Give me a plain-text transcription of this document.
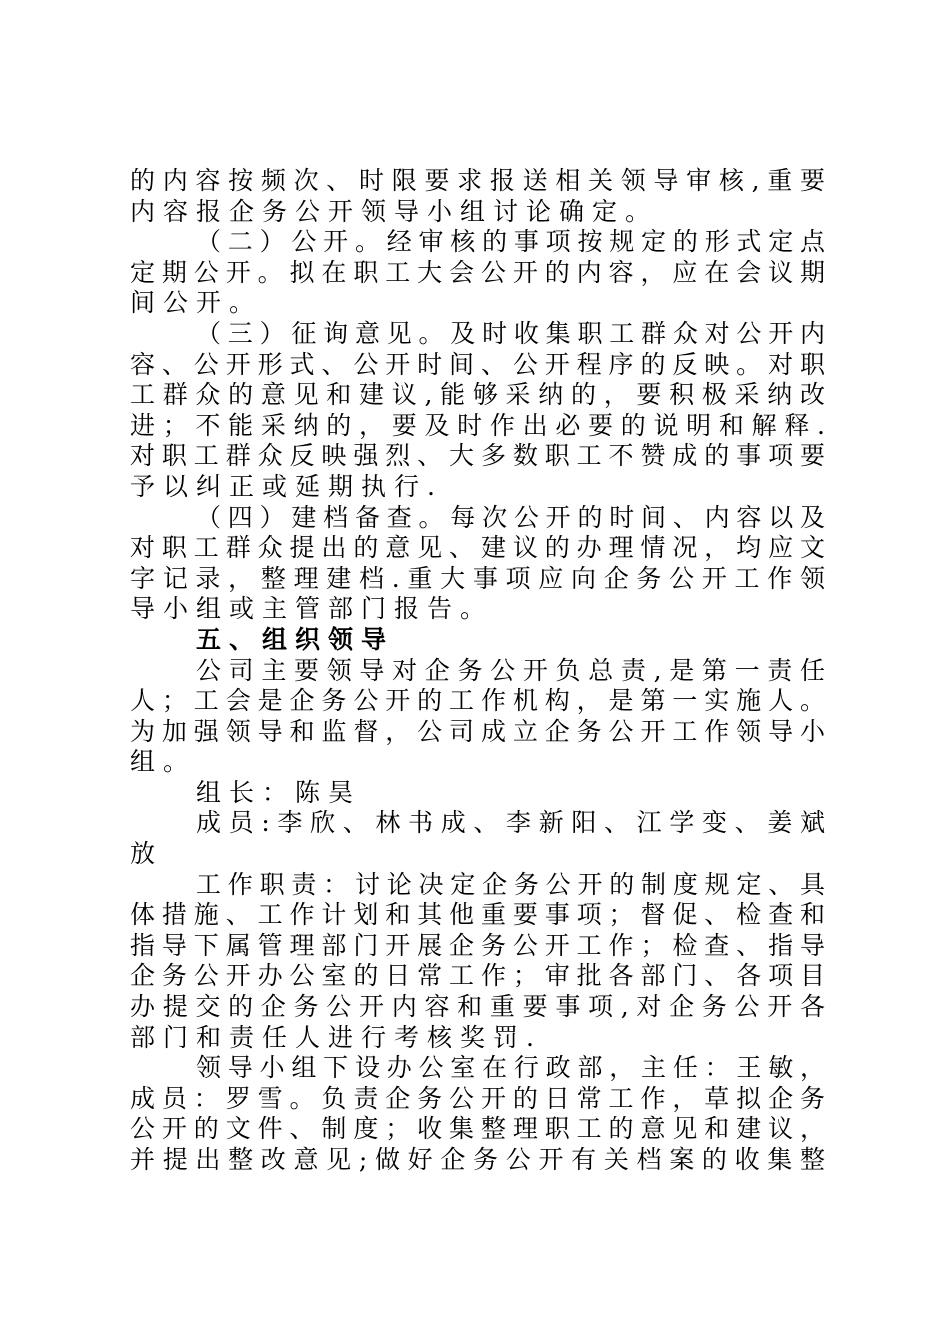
的内容按频次、时限要求报送相关领导审核,重要
内容报企务公开领导小组讨论确定。
（二）公开。经审核的事项按规定的形式定点
定期公开。拟在职工大会公开的内容，应在会议期
间公开。
（三）征询意见。及时收集职工群众对公开内
容、公开形式、公开时间、公开程序的反映。对职
工群众的意见和建议,能够采纳的，要积极采纳改
进；不能采纳的，要及时作出必要的说明和解释.
对职工群众反映强烈、大多数职工不赞成的事项要
予以纠正或延期执行.
（四）建档备查。每次公开的时间、内容以及
对职工群众提出的意见、建议的办理情况，均应文
字记录，整理建档.重大事项应向企务公开工作领
导小组或主管部门报告。
五、组织领导
公司主要领导对企务公开负总责,是第一责任
人；工会是企务公开的工作机构，是第一实施人。
为加强领导和监督，公司成立企务公开工作领导小
组。
组长：陈昊
成员:李欣、林书成、李新阳、江学变、姜斌
放
工作职责：讨论决定企务公开的制度规定、具
体措施、工作计划和其他重要事项；督促、检查和
指导下属管理部门开展企务公开工作；检查、指导
企务公开办公室的日常工作；审批各部门、各项目
办提交的企务公开内容和重要事项,对企务公开各
部门和责任人进行考核奖罚.
领导小组下设办公室在行政部，主任：王敏，
成员：罗雪。负责企务公开的日常工作，草拟企务
公开的文件、制度；收集整理职工的意见和建议，
并提出整改意见;做好企务公开有关档案的收集整
